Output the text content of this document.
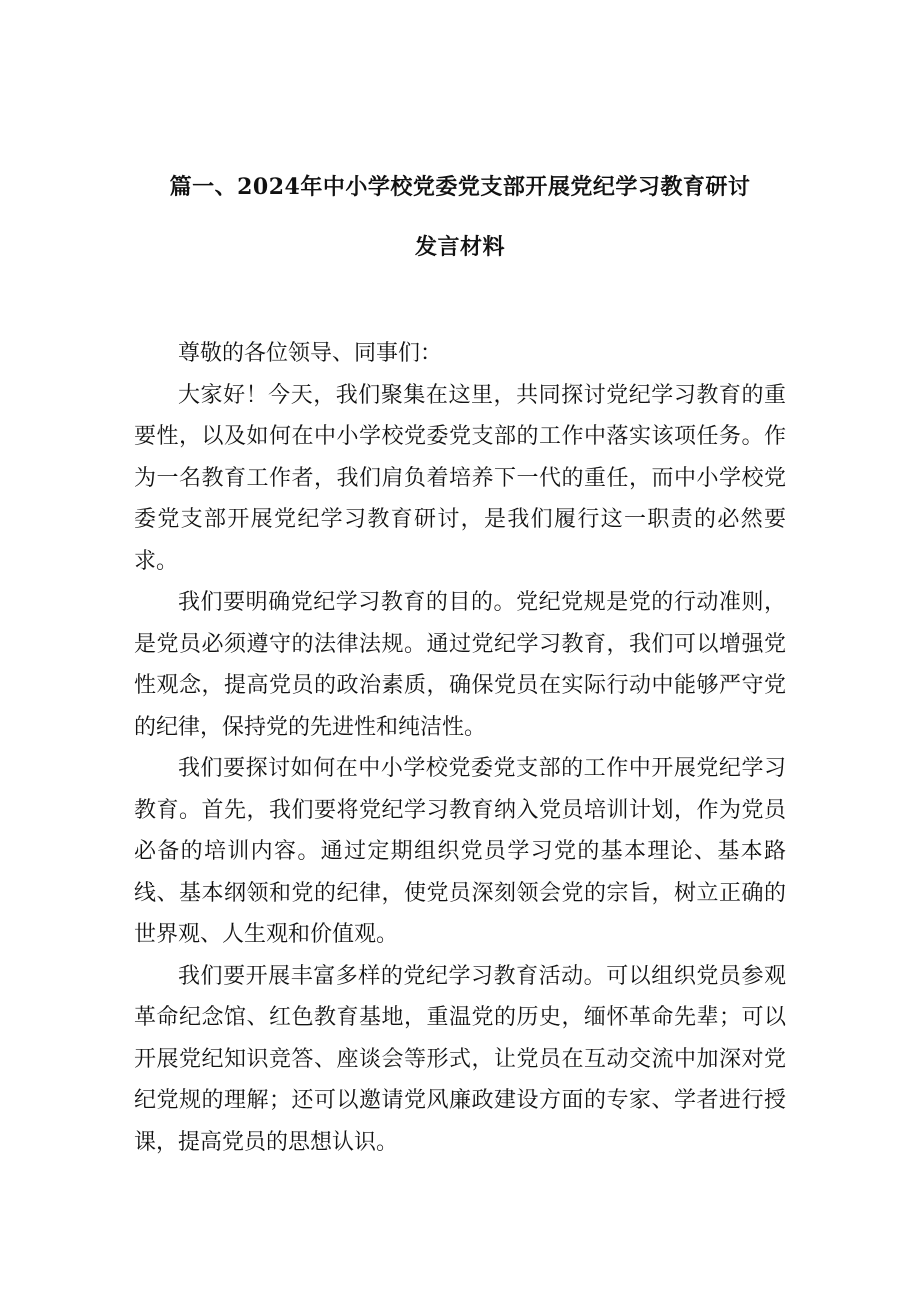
篇一、2024年中小学校党委党支部开展党纪学习教育研讨
发言材料

尊敬的各位领导、同事们：

大家好！今天，我们聚集在这里，共同探讨党纪学习教育的重要性，以及如何在中小学校党委党支部的工作中落实该项任务。作为一名教育工作者，我们肩负着培养下一代的重任，而中小学校党委党支部开展党纪学习教育研讨，是我们履行这一职责的必然要求。

我们要明确党纪学习教育的目的。党纪党规是党的行动准则，是党员必须遵守的法律法规。通过党纪学习教育，我们可以增强党性观念，提高党员的政治素质，确保党员在实际行动中能够严守党的纪律，保持党的先进性和纯洁性。

我们要探讨如何在中小学校党委党支部的工作中开展党纪学习教育。首先，我们要将党纪学习教育纳入党员培训计划，作为党员必备的培训内容。通过定期组织党员学习党的基本理论、基本路线、基本纲领和党的纪律，使党员深刻领会党的宗旨，树立正确的世界观、人生观和价值观。

我们要开展丰富多样的党纪学习教育活动。可以组织党员参观革命纪念馆、红色教育基地，重温党的历史，缅怀革命先辈；可以开展党纪知识竞答、座谈会等形式，让党员在互动交流中加深对党纪党规的理解；还可以邀请党风廉政建设方面的专家、学者进行授课，提高党员的思想认识。
